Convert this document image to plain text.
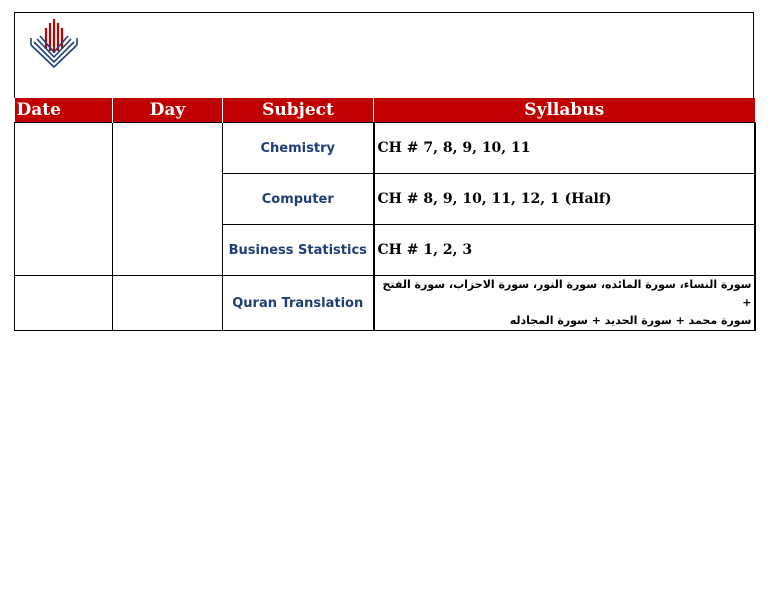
Date	Day	Subject	Syllabus
		Chemistry	CH # 7, 8, 9, 10, 11
		Computer	CH # 8, 9, 10, 11, 12, 1 (Half)
		Business Statistics	CH # 1, 2, 3
		Quran Translation	سورة النساء، سورة المائده، سورة النور، سورة الاحزاب، سورة الفتح +
سورة محمد + سورة الحديد + سورة المجادله
